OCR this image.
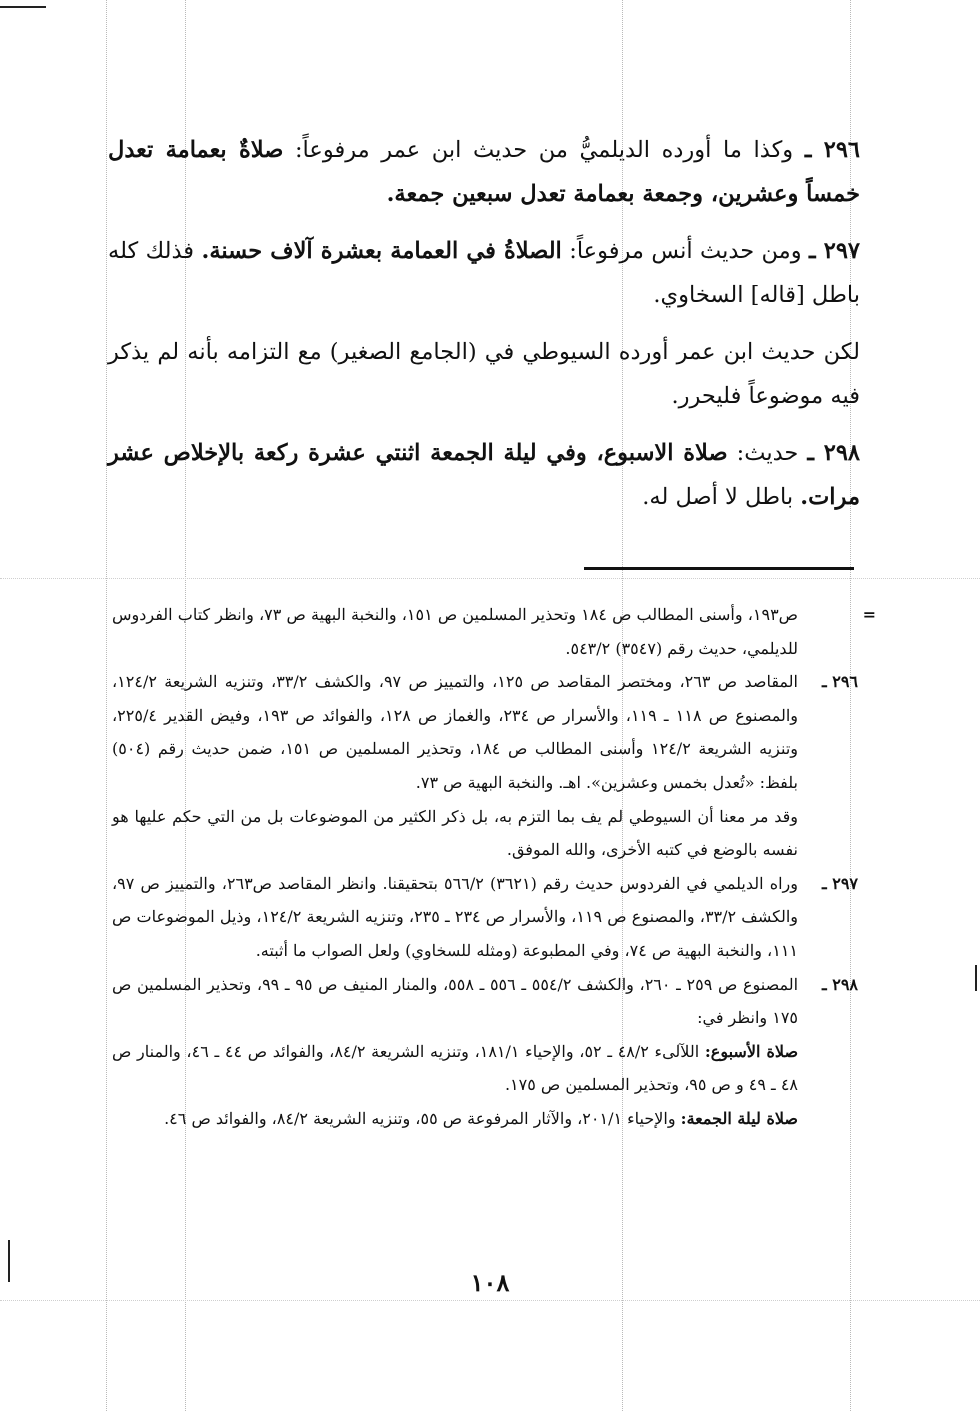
٢٩٦ ـ وكذا ما أورده الديلميُّ من حديث ابن عمر مرفوعاً: صلاةٌ بعمامة تعدل خمساً وعشرين، وجمعة بعمامة تعدل سبعين جمعة.

٢٩٧ ـ ومن حديث أنس مرفوعاً: الصلاةُ في العمامة بعشرة آلاف حسنة. فذلك كله باطل [قاله] السخاوي.

لكن حديث ابن عمر أورده السيوطي في (الجامع الصغير) مع التزامه بأنه لم يذكر فيه موضوعاً فليحرر.

٢٩٨ ـ حديث: صلاة الاسبوع، وفي ليلة الجمعة اثنتي عشرة ركعة بالإخلاص عشر مرات. باطل لا أصل له.

=
ص١٩٣، وأسنى المطالب ص ١٨٤ وتحذير المسلمين ص ١٥١، والنخبة البهية ص ٧٣، وانظر كتاب الفردوس للديلمي، حديث رقم (٣٥٤٧) ٥٤٣/٢.

٢٩٦ ـ
المقاصد ص ٢٦٣، ومختصر المقاصد ص ١٢٥، والتمييز ص ٩٧، والكشف ٣٣/٢، وتنزيه الشريعة ١٢٤/٢، والمصنوع ص ١١٨ ـ ١١٩، والأسرار ص ٢٣٤، والغماز ص ١٢٨، والفوائد ص ١٩٣، وفيض القدير ٢٢٥/٤، وتنزيه الشريعة ١٢٤/٢ وأسنى المطالب ص ١٨٤، وتحذير المسلمين ص ١٥١، ضمن حديث رقم (٥٠٤) بلفظ: «تُعدل بخمس وعشرين». اهـ. والنخبة البهية ص ٧٣.

وقد مر معنا أن السيوطي لم يف بما التزم به، بل ذكر الكثير من الموضوعات بل من التي حكم عليها هو نفسه بالوضع في كتبه الأخرى، والله الموفق.

٢٩٧ ـ
وراه الديلمي في الفردوس حديث رقم (٣٦٢١) ٥٦٦/٢ بتحقيقنا. وانظر المقاصد ص٢٦٣، والتمييز ص ٩٧، والكشف ٣٣/٢، والمصنوع ص ١١٩، والأسرار ص ٢٣٤ ـ ٢٣٥، وتنزيه الشريعة ١٢٤/٢، وذيل الموضوعات ص ١١١، والنخبة البهية ص ٧٤، وفي المطبوعة (ومثله للسخاوي) ولعل الصواب ما أثبته.

٢٩٨ ـ
المصنوع ص ٢٥٩ ـ ٢٦٠، والكشف ٥٥٤/٢ ـ ٥٥٦ ـ ٥٥٨، والمنار المنيف ص ٩٥ ـ ٩٩، وتحذير المسلمين ص ١٧٥ وانظر في:

صلاة الأسبوع: اللآلىء ٤٨/٢ ـ ٥٢، والإحياء ١٨١/١، وتنزيه الشريعة ٨٤/٢، والفوائد ص ٤٤ ـ ٤٦، والمنار ص ٤٨ ـ ٤٩ و ص ٩٥، وتحذير المسلمين ص ١٧٥.

صلاة ليلة الجمعة: والإحياء ٢٠١/١، والآثار المرفوعة ص ٥٥، وتنزيه الشريعة ٨٤/٢، والفوائد ص ٤٦.

١٠٨
